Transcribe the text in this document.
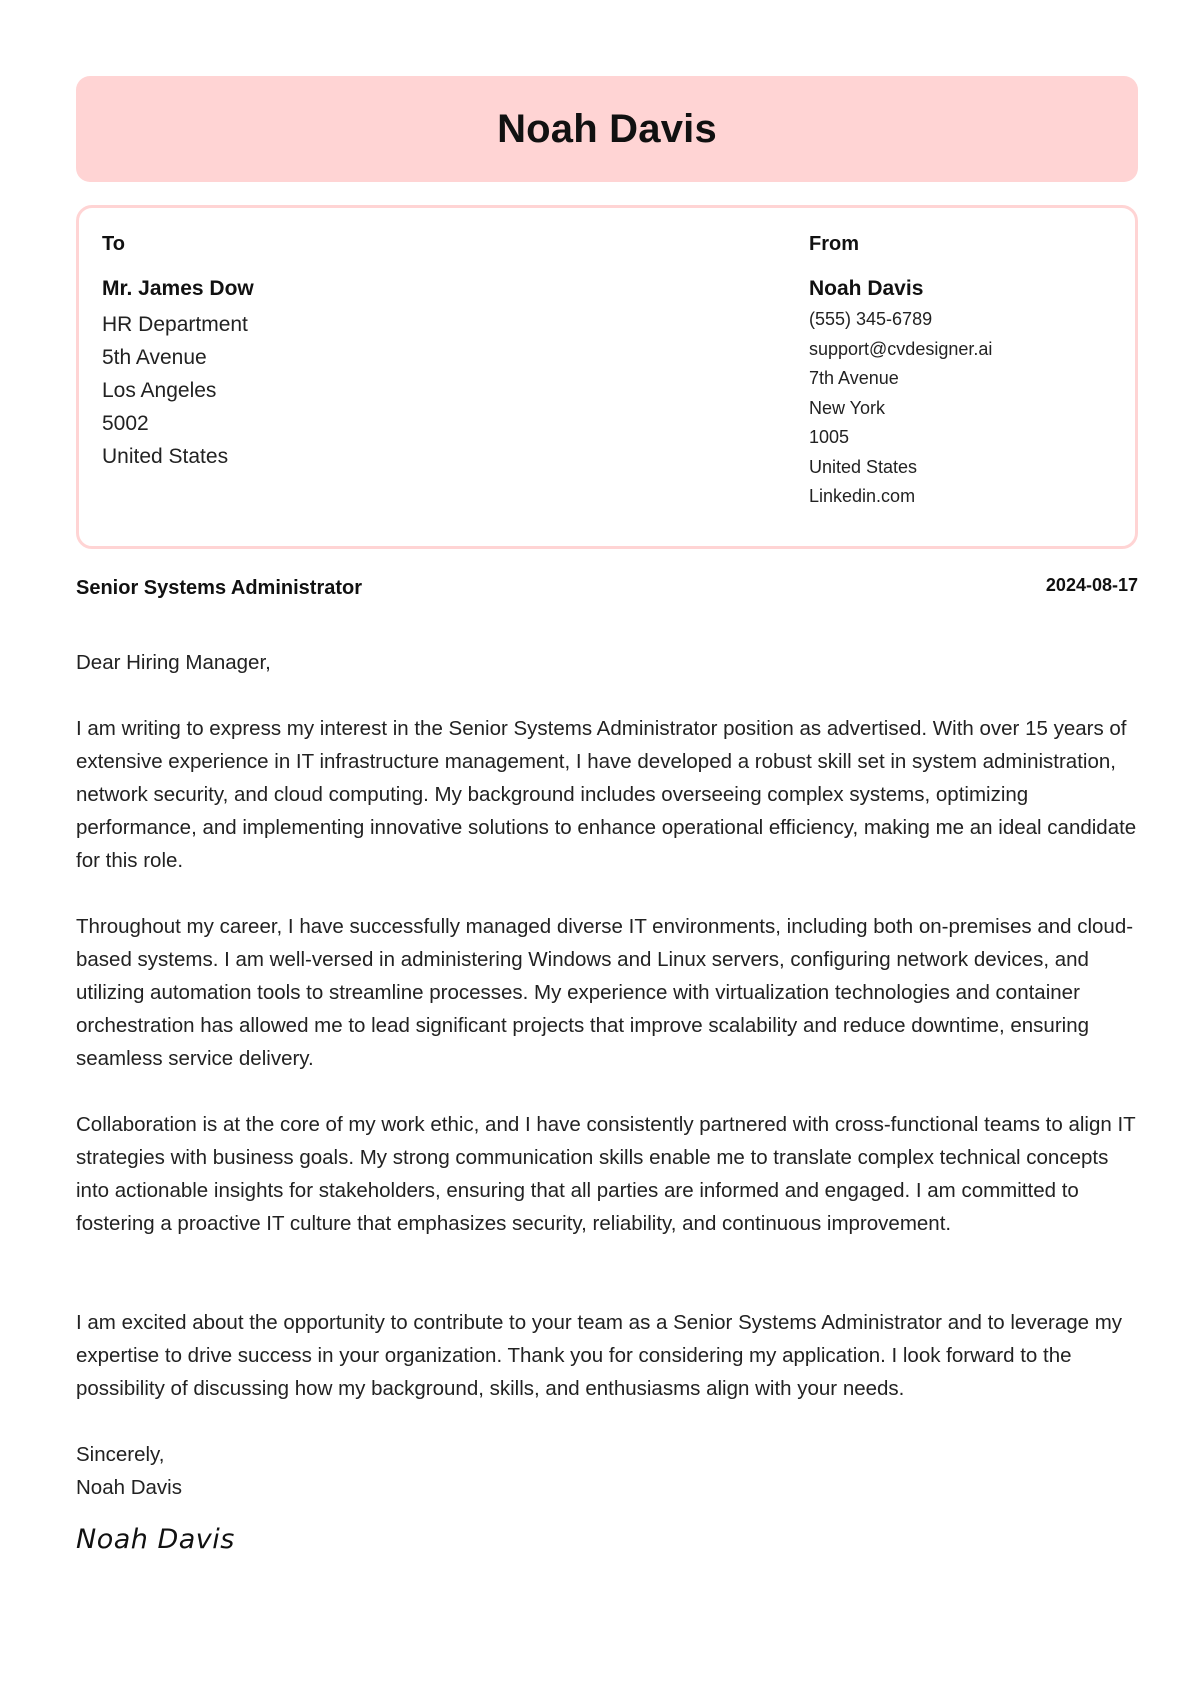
Noah Davis
To
Mr. James Dow
HR Department
5th Avenue
Los Angeles
5002
United States
From
Noah Davis
(555) 345-6789
support@cvdesigner.ai
7th Avenue
New York
1005
United States
Linkedin.com
Senior Systems Administrator	2024-08-17
Dear Hiring Manager,
I am writing to express my interest in the Senior Systems Administrator position as advertised. With over 15 years of extensive experience in IT infrastructure management, I have developed a robust skill set in system administration, network security, and cloud computing. My background includes overseeing complex systems, optimizing performance, and implementing innovative solutions to enhance operational efficiency, making me an ideal candidate for this role.
Throughout my career, I have successfully managed diverse IT environments, including both on-premises and cloud-based systems. I am well-versed in administering Windows and Linux servers, configuring network devices, and utilizing automation tools to streamline processes. My experience with virtualization technologies and container orchestration has allowed me to lead significant projects that improve scalability and reduce downtime, ensuring seamless service delivery.
Collaboration is at the core of my work ethic, and I have consistently partnered with cross-functional teams to align IT strategies with business goals. My strong communication skills enable me to translate complex technical concepts into actionable insights for stakeholders, ensuring that all parties are informed and engaged. I am committed to fostering a proactive IT culture that emphasizes security, reliability, and continuous improvement.
I am excited about the opportunity to contribute to your team as a Senior Systems Administrator and to leverage my expertise to drive success in your organization. Thank you for considering my application. I look forward to the possibility of discussing how my background, skills, and enthusiasms align with your needs.
Sincerely,
Noah Davis
Noah Davis
